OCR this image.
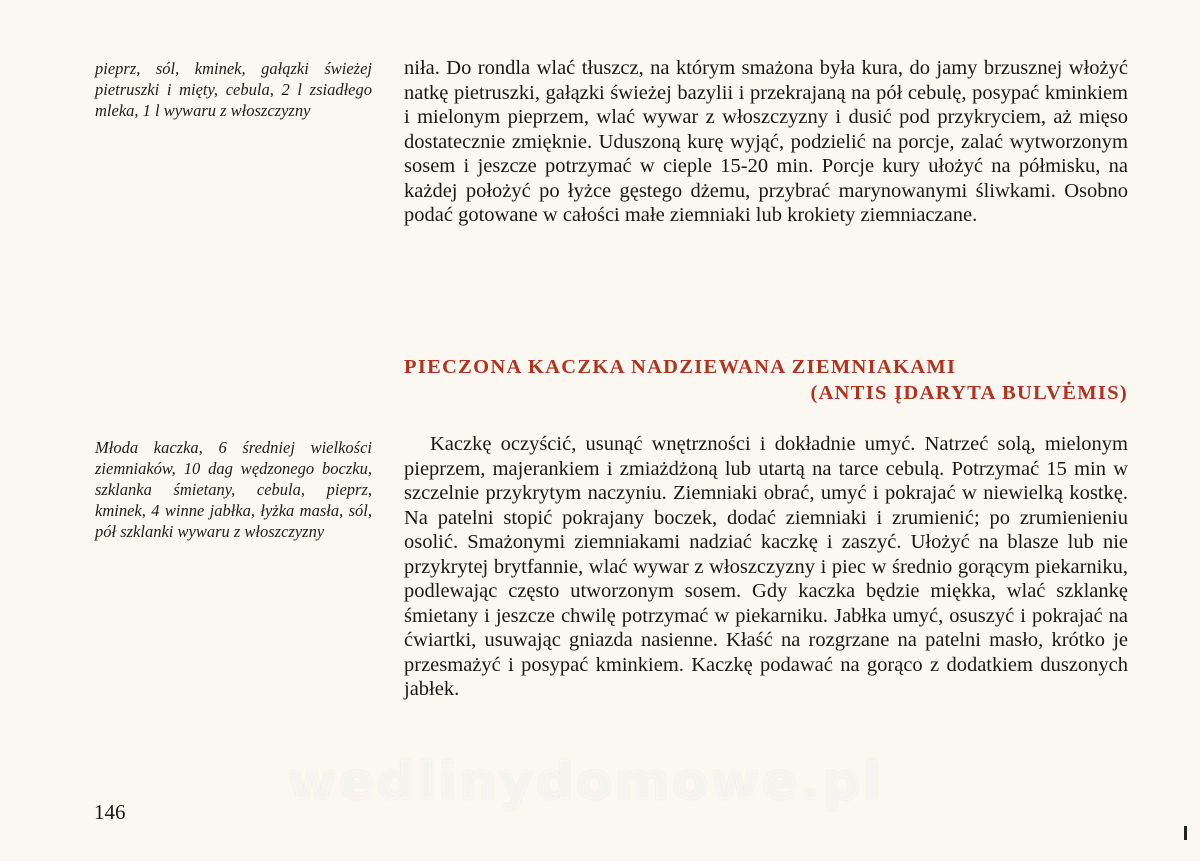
pieprz, sól, kminek, gałązki świeżej pietruszki i mięty, cebula, 2 l zsiadłego mleka, 1 l wywaru z włoszczyzny
niła. Do rondla wlać tłuszcz, na którym smażona była kura, do jamy brzusznej włożyć natkę pietruszki, gałązki świeżej bazylii i przekrajaną na pół cebulę, posypać kminkiem i mielonym pieprzem, wlać wywar z włoszczyzny i dusić pod przykryciem, aż mięso dostatecznie zmięknie. Uduszoną kurę wyjąć, podzielić na porcje, zalać wytworzonym sosem i jeszcze potrzymać w cieple 15-20 min. Porcje kury ułożyć na półmisku, na każdej położyć po łyżce gęstego dżemu, przybrać marynowanymi śliwkami. Osobno podać gotowane w całości małe ziemniaki lub krokiety ziemniaczane.
PIECZONA KACZKA NADZIEWANA ZIEMNIAKAMI
(ANTIS ĮDARYTA BULVĖMIS)
Młoda kaczka, 6 średniej wielkości ziemniaków, 10 dag wędzonego boczku, szklanka śmietany, cebula, pieprz, kminek, 4 winne jabłka, łyżka masła, sól, pół szklanki wywaru z włoszczyzny
Kaczkę oczyścić, usunąć wnętrzności i dokładnie umyć. Natrzeć solą, mielonym pieprzem, majerankiem i zmiażdżoną lub utartą na tarce cebulą. Potrzymać 15 min w szczelnie przykrytym naczyniu. Ziemniaki obrać, umyć i pokrajać w niewielką kostkę. Na patelni stopić pokrajany boczek, dodać ziemniaki i zrumienić; po zrumienieniu osolić. Smażonymi ziemniakami nadziać kaczkę i zaszyć. Ułożyć na blasze lub nie przykrytej brytfannie, wlać wywar z włoszczyzny i piec w średnio gorącym piekarniku, podlewając często utworzonym sosem. Gdy kaczka będzie miękka, wlać szklankę śmietany i jeszcze chwilę potrzymać w piekarniku. Jabłka umyć, osuszyć i pokrajać na ćwiartki, usuwając gniazda nasienne. Kłaść na rozgrzane na patelni masło, krótko je przesmażyć i posypać kminkiem. Kaczkę podawać na gorąco z dodatkiem duszonych jabłek.
wedlinydomowe.pl
146
